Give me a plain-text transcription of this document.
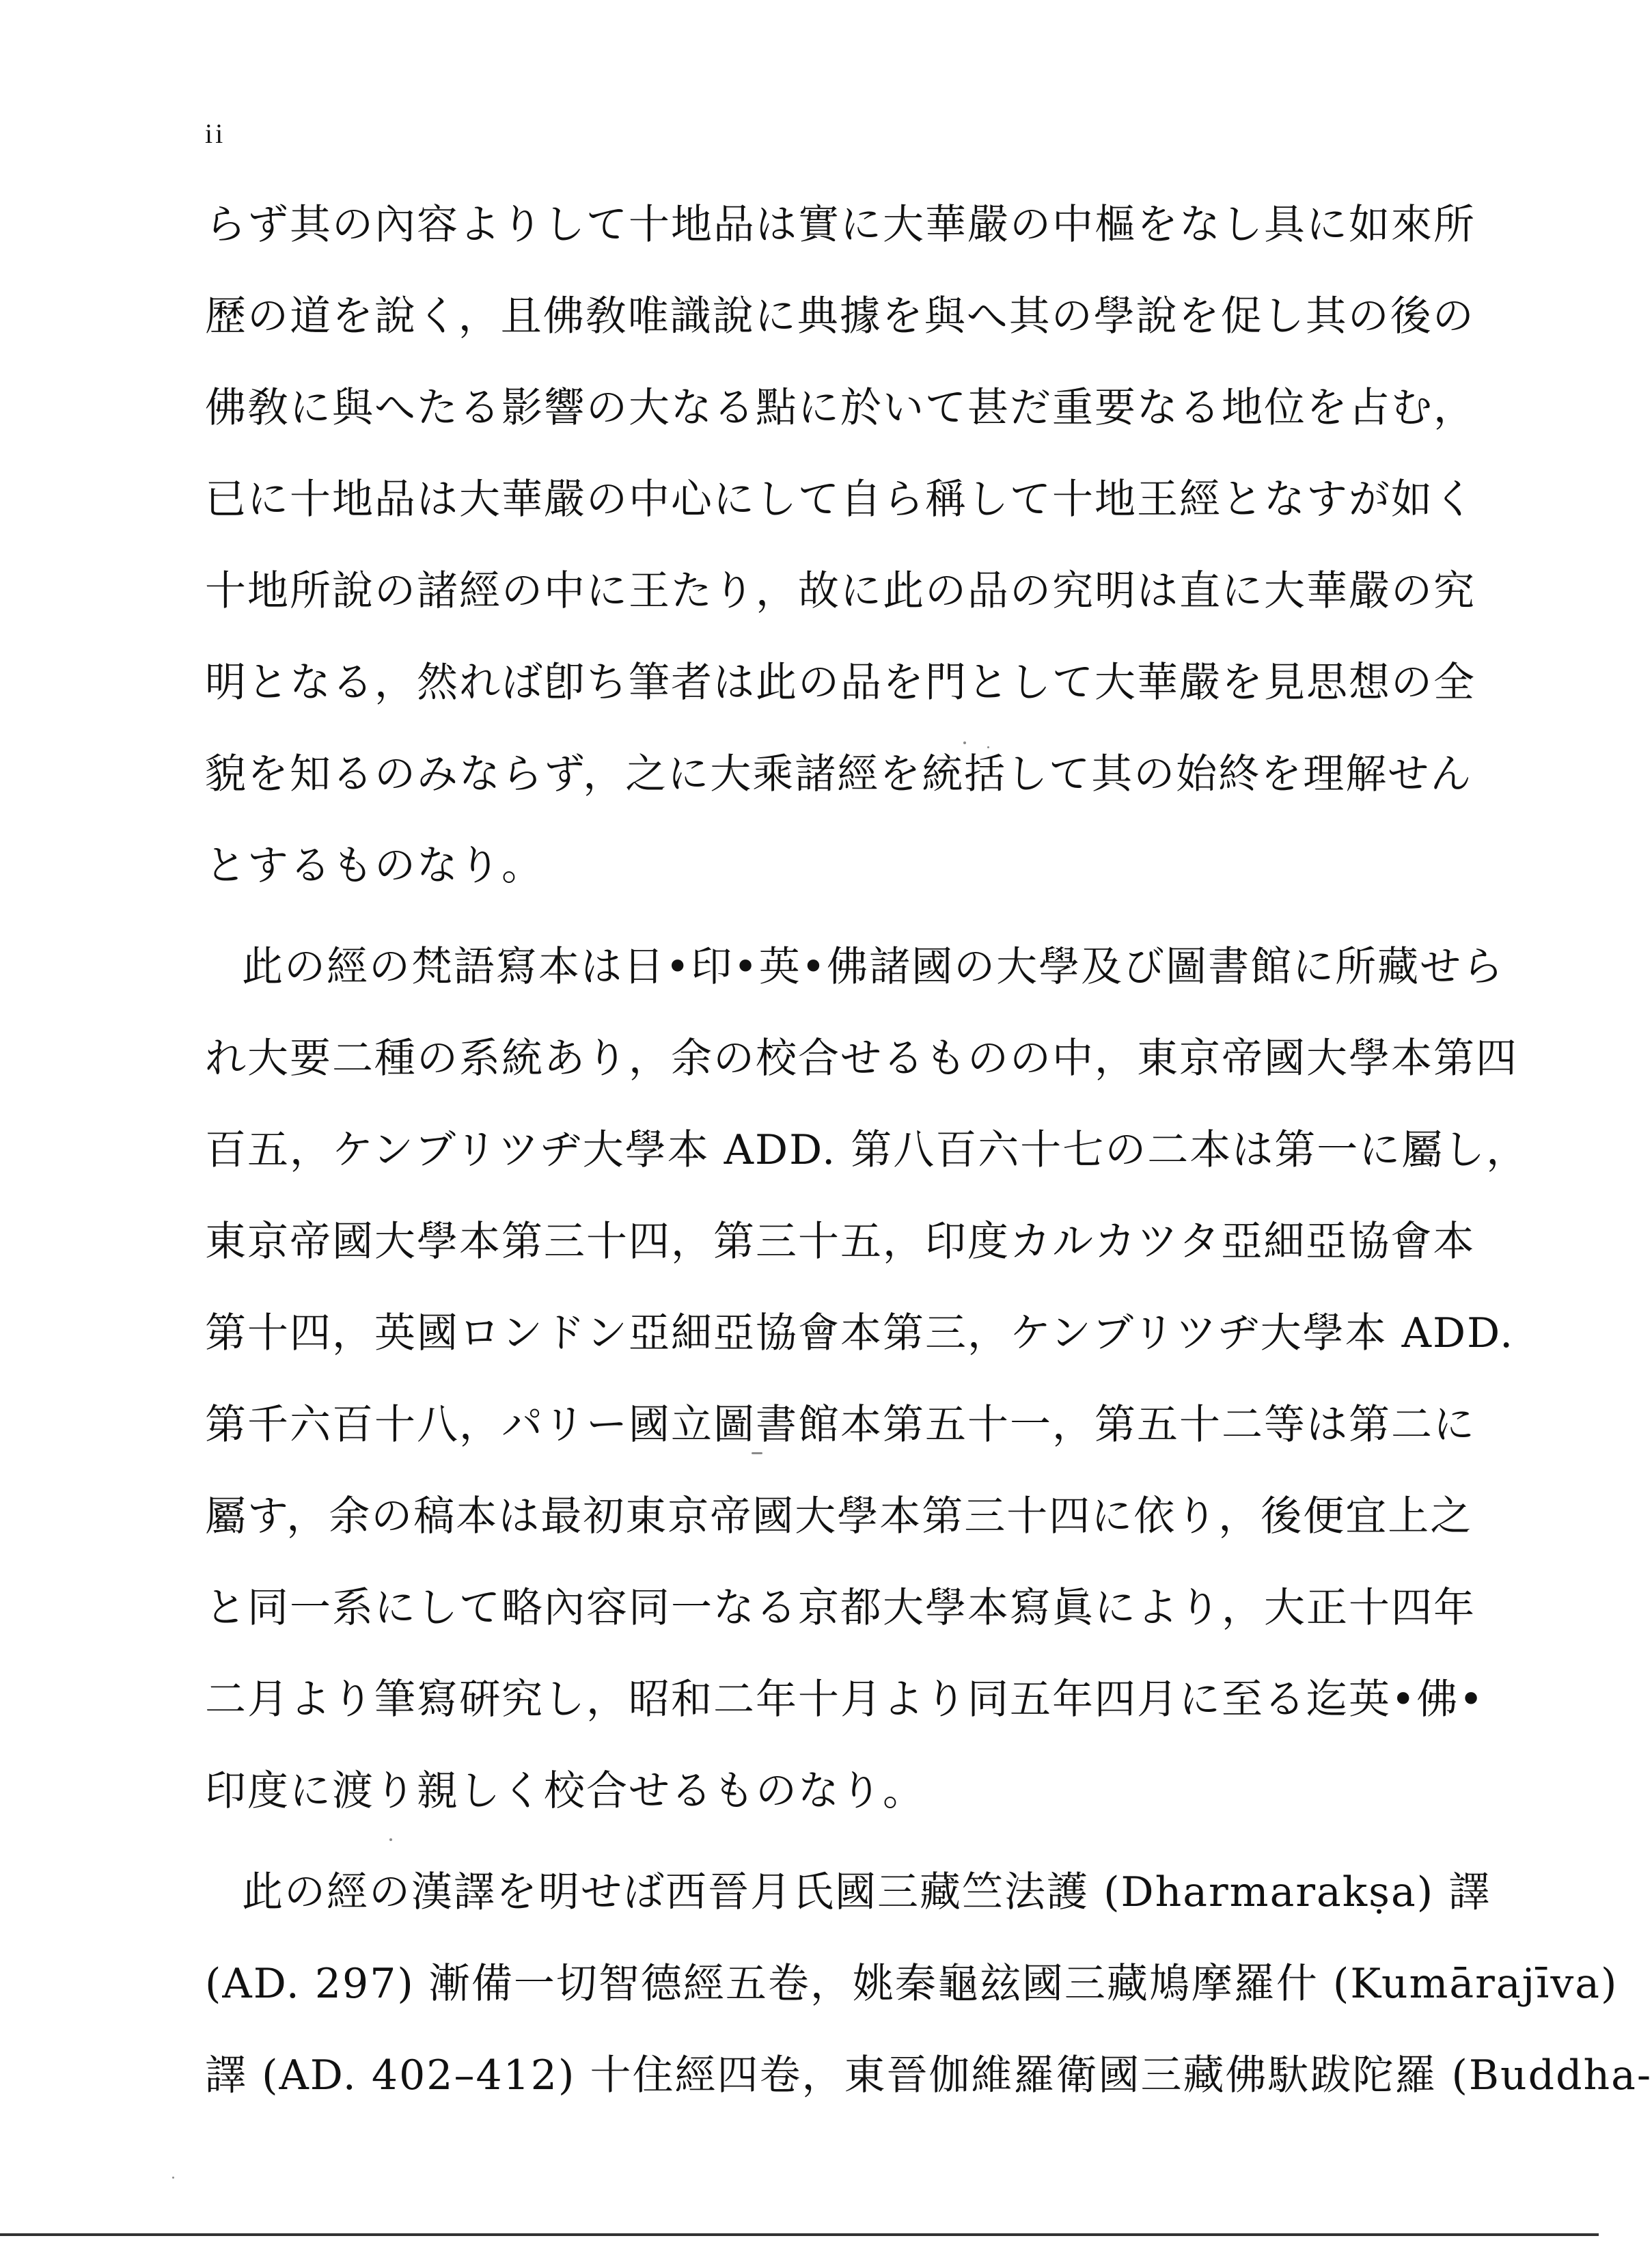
ii
らず其の內容よりして十地品は實に大華嚴の中樞をなし具に如來所
歷の道を說く，且佛敎唯識說に典據を與へ其の學說を促し其の後の
佛敎に與へたる影響の大なる點に於いて甚だ重要なる地位を占む，
已に十地品は大華嚴の中心にして自ら稱して十地王經となすが如く
十地所說の諸經の中に王たり，故に此の品の究明は直に大華嚴の究
明となる，然れば卽ち筆者は此の品を門として大華嚴を見思想の全
貌を知るのみならず，之に大乘諸經を統括して其の始終を理解せん
とするものなり。
此の經の梵語寫本は日•印•英•佛諸國の大學及び圖書館に所藏せら
れ大要二種の系統あり，余の校合せるものの中，東京帝國大學本第四
百五，ケンブリツヂ大學本 ADD. 第八百六十七の二本は第一に屬し，
東京帝國大學本第三十四，第三十五，印度カルカツタ亞細亞協會本
第十四，英國ロンドン亞細亞協會本第三，ケンブリツヂ大學本 ADD.
第千六百十八，パリー國立圖書館本第五十一，第五十二等は第二に
屬す，余の稿本は最初東京帝國大學本第三十四に依り，後便宜上之
と同一系にして略內容同一なる京都大學本寫眞により，大正十四年
二月より筆寫硏究し，昭和二年十月より同五年四月に至る迄英•佛•
印度に渡り親しく校合せるものなり。
此の經の漢譯を明せば西晉月氏國三藏竺法護 (Dharmarakṣa) 譯
(AD. 297) 漸備一切智德經五卷，姚秦龜玆國三藏鳩摩羅什 (Kumārajīva)
譯 (AD. 402–412) 十住經四卷，東晉伽維羅衛國三藏佛馱跋陀羅 (Buddha-
